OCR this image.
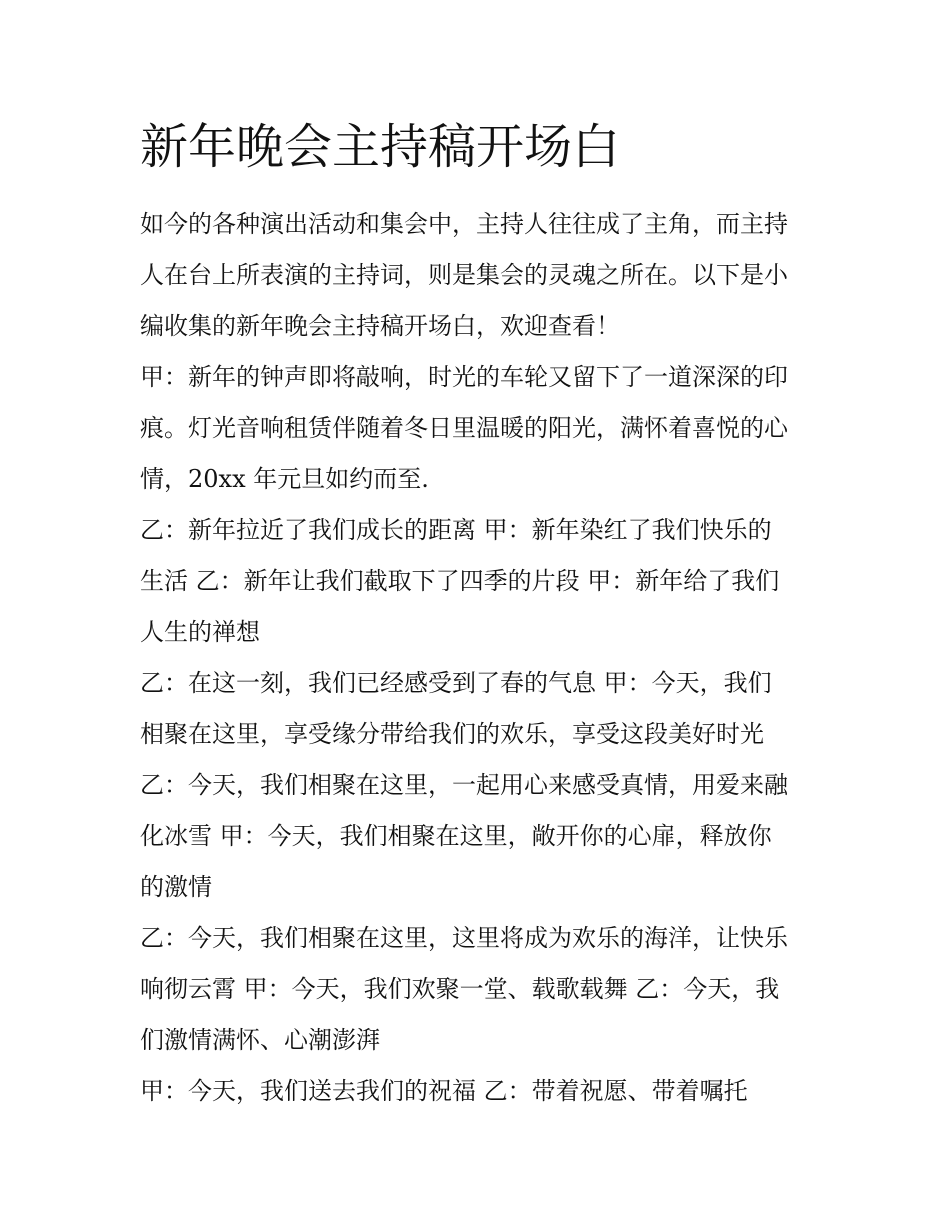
新年晚会主持稿开场白
如今的各种演出活动和集会中，主持人往往成了主角，而主持
人在台上所表演的主持词，则是集会的灵魂之所在。以下是小
编收集的新年晚会主持稿开场白，欢迎查看！
甲：新年的钟声即将敲响，时光的车轮又留下了一道深深的印
痕。灯光音响租赁伴随着冬日里温暖的阳光，满怀着喜悦的心
情，20xx 年元旦如约而至.
乙：新年拉近了我们成长的距离 甲：新年染红了我们快乐的
生活 乙：新年让我们截取下了四季的片段 甲：新年给了我们
人生的禅想
乙：在这一刻，我们已经感受到了春的气息 甲：今天，我们
相聚在这里，享受缘分带给我们的欢乐，享受这段美好时光
乙：今天，我们相聚在这里，一起用心来感受真情，用爱来融
化冰雪 甲：今天，我们相聚在这里，敞开你的心扉，释放你
的激情
乙：今天，我们相聚在这里，这里将成为欢乐的海洋，让快乐
响彻云霄 甲：今天，我们欢聚一堂、载歌载舞 乙：今天，我
们激情满怀、心潮澎湃
甲：今天，我们送去我们的祝福 乙：带着祝愿、带着嘱托
